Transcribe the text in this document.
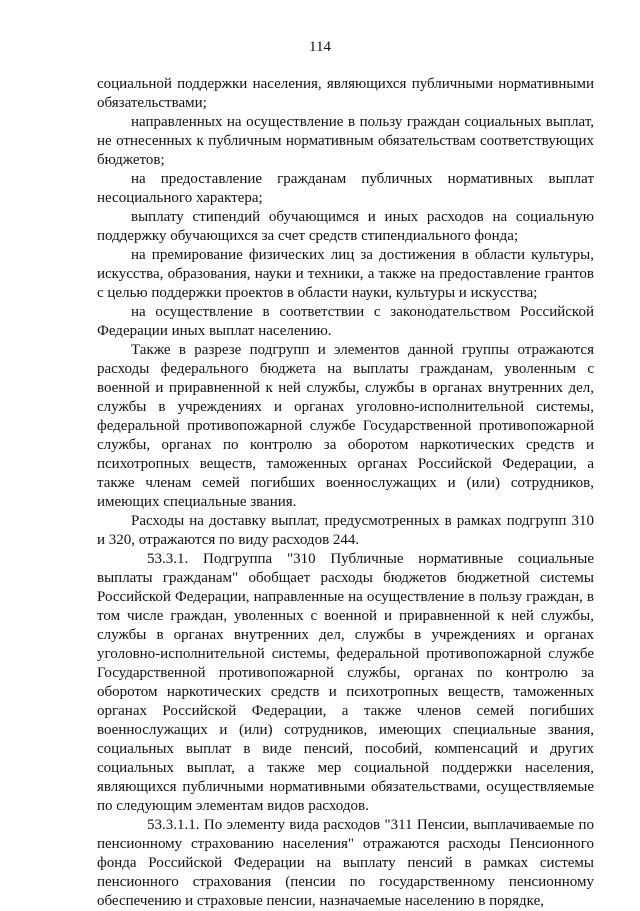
114

социальной поддержки населения, являющихся публичными нормативными обязательствами;

направленных на осуществление в пользу граждан социальных выплат, не отнесенных к публичным нормативным обязательствам соответствующих бюджетов;

на предоставление гражданам публичных нормативных выплат несоциального характера;

выплату стипендий обучающимся и иных расходов на социальную поддержку обучающихся за счет средств стипендиального фонда;

на премирование физических лиц за достижения в области культуры, искусства, образования, науки и техники, а также на предоставление грантов с целью поддержки проектов в области науки, культуры и искусства;

на осуществление в соответствии с законодательством Российской Федерации иных выплат населению.

Также в разрезе подгрупп и элементов данной группы отражаются расходы федерального бюджета на выплаты гражданам, уволенным с военной и приравненной к ней службы, службы в органах внутренних дел, службы в учреждениях и органах уголовно-исполнительной системы, федеральной противопожарной службе Государственной противопожарной службы, органах по контролю за оборотом наркотических средств и психотропных веществ, таможенных органах Российской Федерации, а также членам семей погибших военнослужащих и (или) сотрудников, имеющих специальные звания.

Расходы на доставку выплат, предусмотренных в рамках подгрупп 310 и 320, отражаются по виду расходов 244.

53.3.1. Подгруппа "310 Публичные нормативные социальные выплаты гражданам" обобщает расходы бюджетов бюджетной системы Российской Федерации, направленные на осуществление в пользу граждан, в том числе граждан, уволенных с военной и приравненной к ней службы, службы в органах внутренних дел, службы в учреждениях и органах уголовно-исполнительной системы, федеральной противопожарной службе Государственной противопожарной службы, органах по контролю за оборотом наркотических средств и психотропных веществ, таможенных органах Российской Федерации, а также членов семей погибших военнослужащих и (или) сотрудников, имеющих специальные звания, социальных выплат в виде пенсий, пособий, компенсаций и других социальных выплат, а также мер социальной поддержки населения, являющихся публичными нормативными обязательствами, осуществляемые по следующим элементам видов расходов.

53.3.1.1. По элементу вида расходов "311 Пенсии, выплачиваемые по пенсионному страхованию населения" отражаются расходы Пенсионного фонда Российской Федерации на выплату пенсий в рамках системы пенсионного страхования (пенсии по государственному пенсионному обеспечению и страховые пенсии, назначаемые населению в порядке,
